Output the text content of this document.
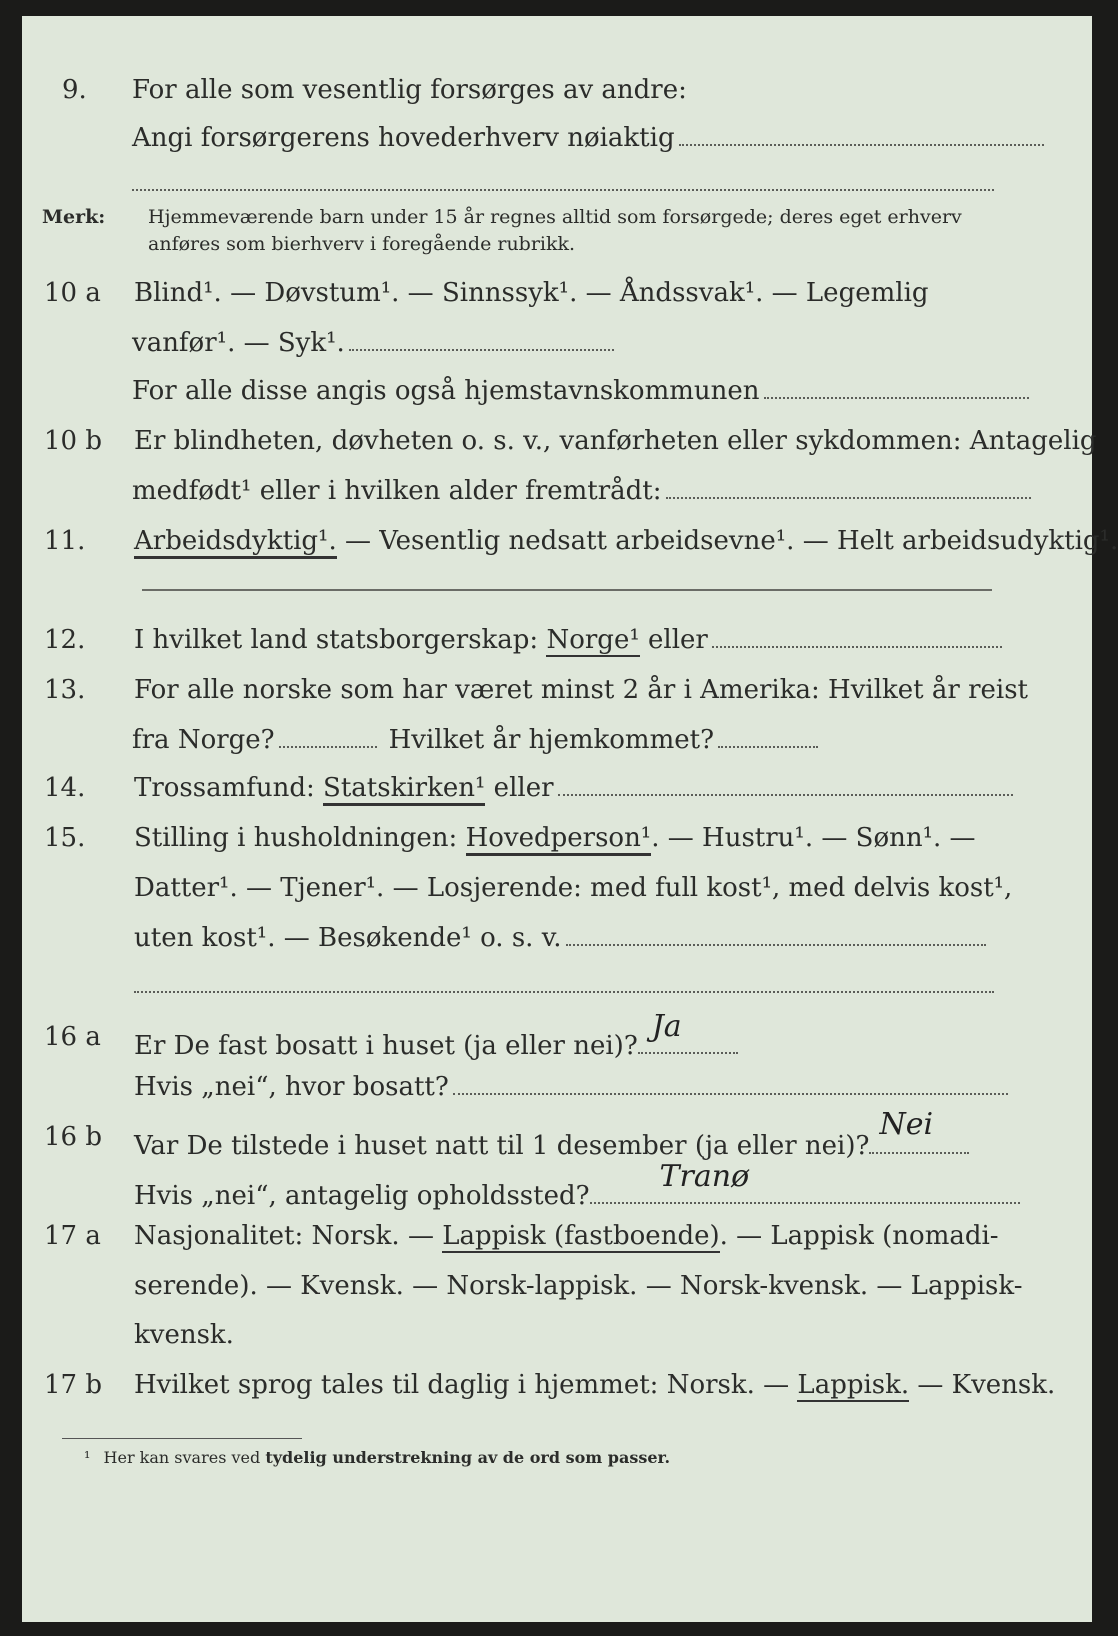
9.	For alle som vesentlig forsørges av andre:
Angi forsørgerens hovederhverv nøiaktig
Merk: Hjemmeværende barn under 15 år regnes alltid som forsørgede; deres eget erhverv
anføres som bierhverv i foregående rubrikk.
10 a	Blind¹. — Døvstum¹. — Sinnssyk¹. — Åndssvak¹. — Legemlig
vanfør¹. — Syk¹.
For alle disse angis også hjemstavnskommunen
10 b	Er blindheten, døvheten o. s. v., vanførheten eller sykdommen: Antagelig
medfødt¹ eller i hvilken alder fremtrådt:
11.	Arbeidsdyktig¹. — Vesentlig nedsatt arbeidsevne¹. — Helt arbeidsudyktig¹.
12.	I hvilket land statsborgerskap: Norge¹ eller
13.	For alle norske som har været minst 2 år i Amerika: Hvilket år reist
fra Norge?	Hvilket år hjemkommet?
14.	Trossamfund: Statskirken¹ eller
15.	Stilling i husholdningen: Hovedperson¹. — Hustru¹. — Sønn¹. —
Datter¹. — Tjener¹. — Losjerende: med full kost¹, med delvis kost¹,
uten kost¹. — Besøkende¹ o. s. v.
16 a	Er De fast bosatt i huset (ja eller nei)?
Ja
Hvis „nei“, hvor bosatt?
16 b	Var De tilstede i huset natt til 1 desember (ja eller nei)?
Nei
Hvis „nei“, antagelig opholdssted?
Tranø
17 a	Nasjonalitet: Norsk. — Lappisk (fastboende). — Lappisk (nomadi-
serende). — Kvensk. — Norsk-lappisk. — Norsk-kvensk. — Lappisk-
kvensk.
17 b	Hvilket sprog tales til daglig i hjemmet: Norsk. — Lappisk. — Kvensk.
¹ Her kan svares ved tydelig understrekning av de ord som passer.
